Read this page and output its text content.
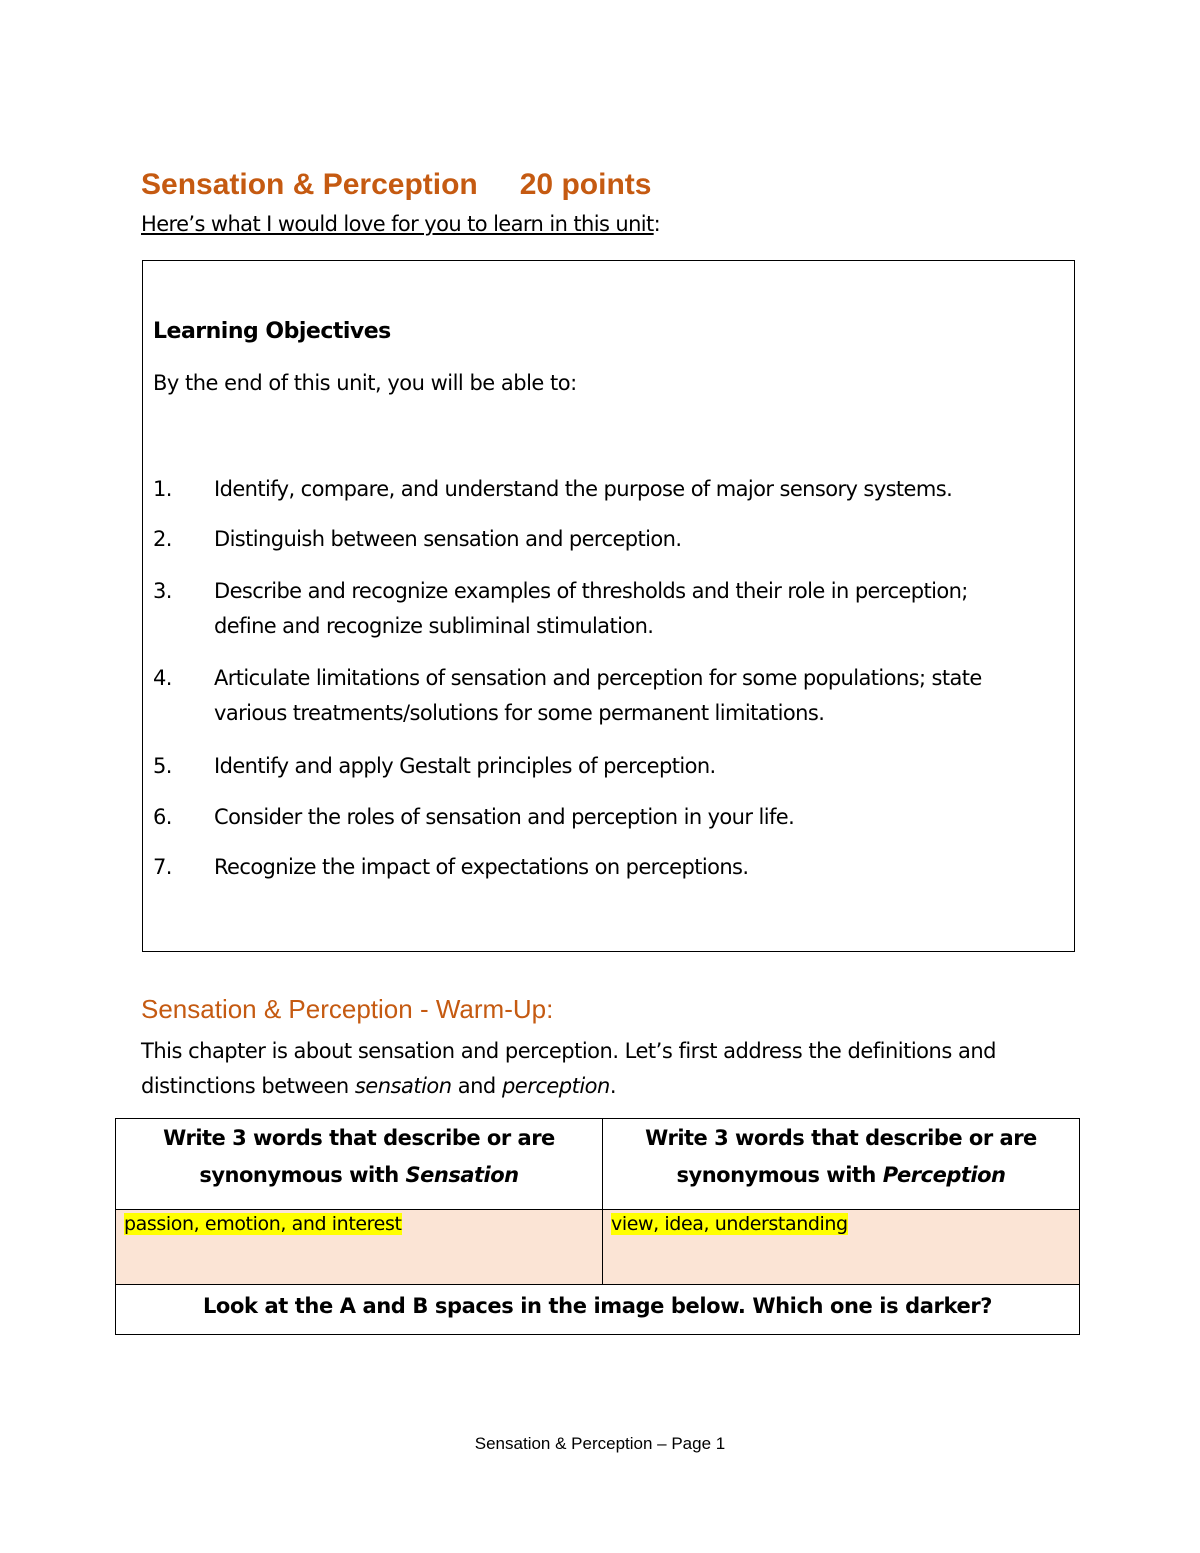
Sensation & Perception 20 points
Here’s what I would love for you to learn in this unit:
Learning Objectives
By the end of this unit, you will be able to:
1. Identify, compare, and understand the purpose of major sensory systems.
2. Distinguish between sensation and perception.
3. Describe and recognize examples of thresholds and their role in perception; define and recognize subliminal stimulation.
4. Articulate limitations of sensation and perception for some populations; state various treatments/solutions for some permanent limitations.
5. Identify and apply Gestalt principles of perception.
6. Consider the roles of sensation and perception in your life.
7. Recognize the impact of expectations on perceptions.
Sensation & Perception - Warm-Up:
This chapter is about sensation and perception. Let’s first address the definitions and distinctions between sensation and perception.
Write 3 words that describe or are
synonymous with Sensation	Write 3 words that describe or are
synonymous with Perception
passion, emotion, and interest	view, idea, understanding
Look at the A and B spaces in the image below. Which one is darker?	
Sensation & Perception – Page 1
